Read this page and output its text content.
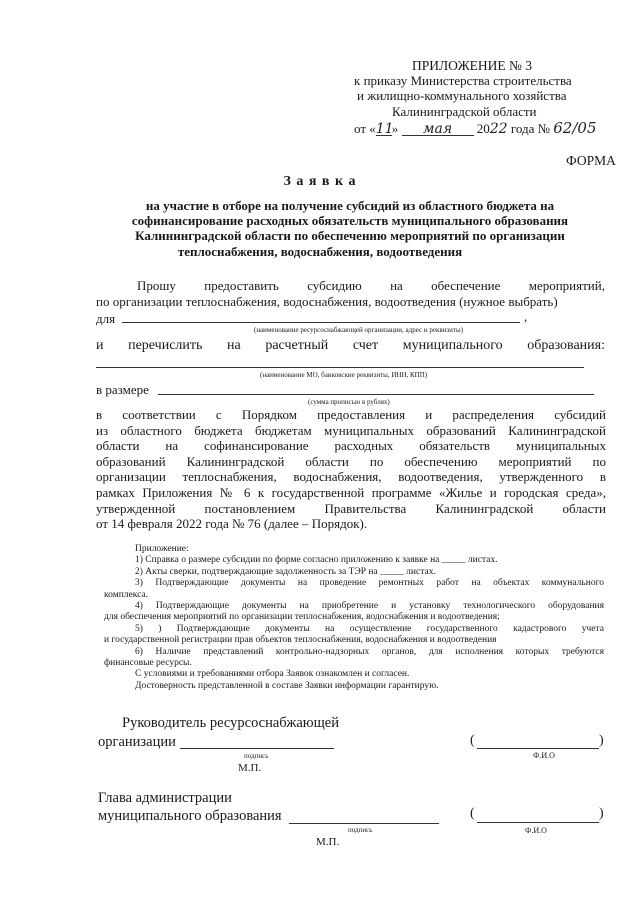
ПРИЛОЖЕНИЕ № 3
к приказу Министерства строительства
и жилищно-коммунального хозяйства
Калининградской области
от «11» мая 2022 года № 62/05
ФОРМА
З а я в к а
на участие в отборе на получение субсидий из областного бюджета на
софинансирование расходных обязательств муниципального образования
Калининградской области по обеспечению мероприятий по организации
теплоснабжения, водоснабжения, водоотведения
Прошу предоставить субсидию на обеспечение мероприятий,
по организации теплоснабжения, водоснабжения, водоотведения (нужное выбрать)
для	,
(наименование ресурсоснабжающей организации, адрес и реквизиты)
и перечислить на расчетный счет муниципального образования:
(наименование МО, банковские реквизиты, ИНН, КПП)
в размере
(сумма прописью в рублях)
в соответствии с Порядком предоставления и распределения субсидий
из областного бюджета бюджетам муниципальных образований Калининградской
области на софинансирование расходных обязательств муниципальных
образований Калининградской области по обеспечению мероприятий по
организации теплоснабжения, водоснабжения, водоотведения, утвержденного в
рамках Приложения № 6 к государственной программе «Жилье и городская среда»,
утвержденной постановлением Правительства Калининградской области
от 14 февраля 2022 года № 76 (далее – Порядок).
Приложение:
1) Справка о размере субсидии по форме согласно приложению к заявке на _____ листах.
2) Акты сверки, подтверждающие задолженность за ТЭР на _____ листах.
3) Подтверждающие документы на проведение ремонтных работ на объектах коммунального
комплекса.
4) Подтверждающие документы на приобретение и установку технологического оборудования
для обеспечения мероприятий по организации теплоснабжения, водоснабжения и водоотведения;
5) ) Подтверждающие документы на осуществление государственного кадастрового учета
и государственной регистрации прав объектов теплоснабжения, водоснабжения и водоотведения
6) Наличие представлений контрольно-надзорных органов, для исполнения которых требуются
финансовые ресурсы.
С условиями и требованиями отбора Заявок ознакомлен и согласен.
Достоверность представленной в составе Заявки информации гарантирую.
Руководитель ресурсоснабжающей
организации
подпись
М.П.
(	)
Ф.И.О
Глава администрации
муниципального образования
подпись
М.П.
(	)
Ф.И.О
